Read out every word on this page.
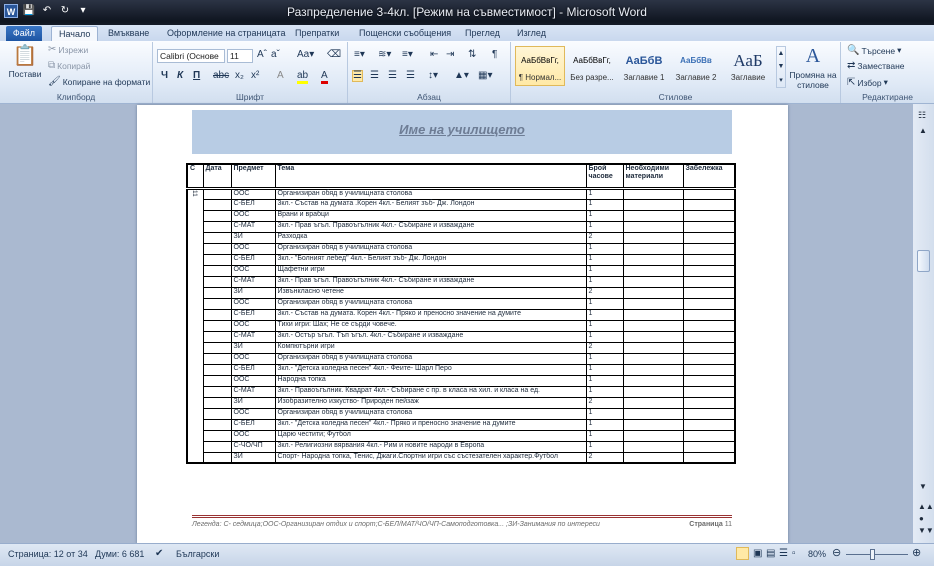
W 💾 ↶ ↻	▾	Разпределение 3-4кл. [Режим на съвместимост] - Microsoft Word
Файл	Начало	Вмъкване Оформление на страницата Препратки Пощенски съобщения Преглед Изглед
📋
Постави
✂ Изрежи
⧉ Копирай
🖌 Копиране на формати
Клипборд
Calibri (Основе	11	Aˆ aˇ Aa▾ ⌫
Ч К П abc x₂ x² A ab A
Шрифт
≡▾ ≋▾ ≡▾ ⇤ ⇥ ⇅ ¶
☰ ☰ ☰ ☰ ↕▾ ▲▾ ▦▾
Абзац
АаБбВвГг,
¶ Нормал...
АаБбВвГг,
Без разре...
АаБбВ
Заглавие 1
АаБбВв
Заглавие 2
АаБ
Заглавие
▲
▼
▾
A
Промяна на стилове
Стилове
🔍 Търсене ▾
⇄ Заместване
⇱ Избор ▾
Редактиране
Име на училището
С	Дата	Предмет	Тема	Брой часове	Необходими материали	Забележка
11		ООС	Организиран обяд в училищната столова	1		
		С-БЕЛ	3кл.- Състав на думата .Корен 4кл.- Белият зъб- Дж. Лондон	1		
		ООС	Врани и врабци	1		
		С-МАТ	3кл.- Прав ъгъл. Правоъгълник 4кл.- Събиране и изваждане	1		
		ЗИ	Разходка	2		
		ООС	Организиран обяд в училищната столова	1		
		С-БЕЛ	3кл.- "Болният лебед" 4кл.- Белият зъб- Дж. Лондон	1		
		ООС	Щафетни игри	1		
		С-МАТ	3кл.- Прав ъгъл. Правоъгълник 4кл.- Събиране и изваждане	1		
		ЗИ	Извънкласно четене	2		
		ООС	Организиран обяд в училищната столова	1		
		С-БЕЛ	3кл.- Състав на думата. Корен 4кл.- Пряко и преносно значение на думите	1		
		ООС	Тихи игри: Шах; Не се сърди човече.	1		
		С-МАТ	3кл.- Остър ъгъл. Тъп ъгъл. 4кл.- Събиране и изваждане	1		
		ЗИ	Компютърни игри	2		
		ООС	Организиран обяд в училищната столова	1		
		С-БЕЛ	3кл.- "Детска коледна песен" 4кл.- Феите- Шарл Перо	1		
		ООС	Народна топка	1		
		С-МАТ	3кл.- Правоъгълник. Квадрат 4кл.- Събиране с пр. в класа на хил. и класа на ед.	1		
		ЗИ	Изобразително изкуство- Природен пейзаж	2		
		ООС	Организиран обяд в училищната столова	1		
		С-БЕЛ	3кл.- "Детска коледна песен" 4кл.- Пряко и преносно значение на думите	1		
		ООС	Царю честити; Футбол	1		
		С-ЧО/ЧП	3кл.- Религиозни вярвания 4кл.- Рим и новите народи в Европа	1		
		ЗИ	Спорт- Народна топка, Тенис, Джаги.Спортни игри със състезателен характер.Футбол	2		
Легенда: С- седмица;ООС-Организиран отдих и спорт;С-БЕЛ/МАТ/ЧО/ЧП-Самоподготовка... ;ЗИ-Занимания по интереси	Страница 11
☷
▲
▼
▲▲
●
▼▼
Страница: 12 от 34 Думи: 6 681 ✔ Български	▣ ▤ ☰ ▫ 80% ⊖	⊕
